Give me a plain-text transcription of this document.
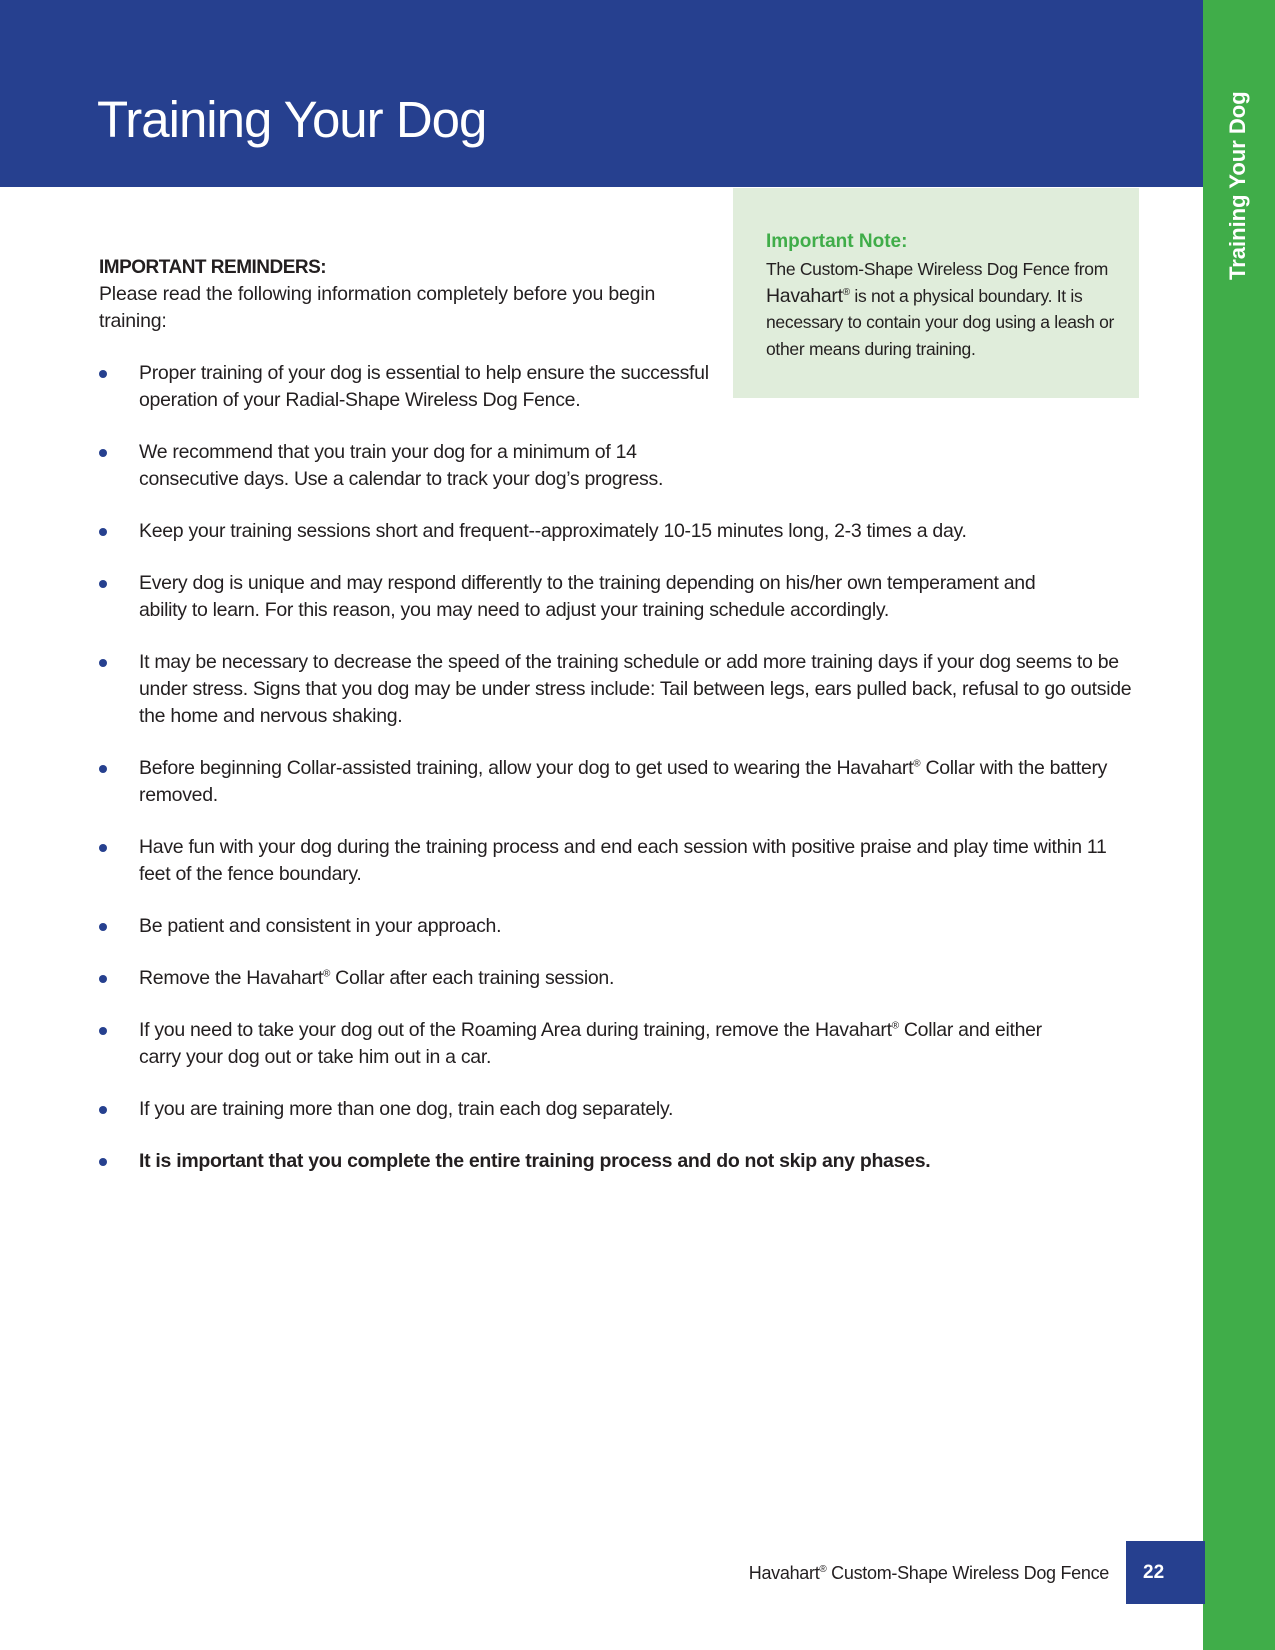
Training Your Dog	Training Your Dog

Important Note:

The Custom-Shape Wireless Dog Fence from Havahart® is not a physical boundary. It is necessary to contain your dog using a leash or other means during training.

IMPORTANT REMINDERS:

Please read the following information completely before you begin training:

Proper training of your dog is essential to help ensure the successful operation of your Radial-Shape Wireless Dog Fence.
We recommend that you train your dog for a minimum of 14 consecutive days. Use a calendar to track your dog’s progress.
Keep your training sessions short and frequent--approximately 10-15 minutes long, 2-3 times a day.
Every dog is unique and may respond differently to the training depending on his/her own temperament and ability to learn. For this reason, you may need to adjust your training schedule accordingly.
It may be necessary to decrease the speed of the training schedule or add more training days if your dog seems to be under stress. Signs that you dog may be under stress include: Tail between legs, ears pulled back, refusal to go outside the home and nervous shaking.
Before beginning Collar-assisted training, allow your dog to get used to wearing the Havahart® Collar with the battery removed.
Have fun with your dog during the training process and end each session with positive praise and play time within 11 feet of the fence boundary.
Be patient and consistent in your approach.
Remove the Havahart® Collar after each training session.
If you need to take your dog out of the Roaming Area during training, remove the Havahart® Collar and either carry your dog out or take him out in a car.
If you are training more than one dog, train each dog separately.
It is important that you complete the entire training process and do not skip any phases.
Havahart® Custom-Shape Wireless Dog Fence 22
